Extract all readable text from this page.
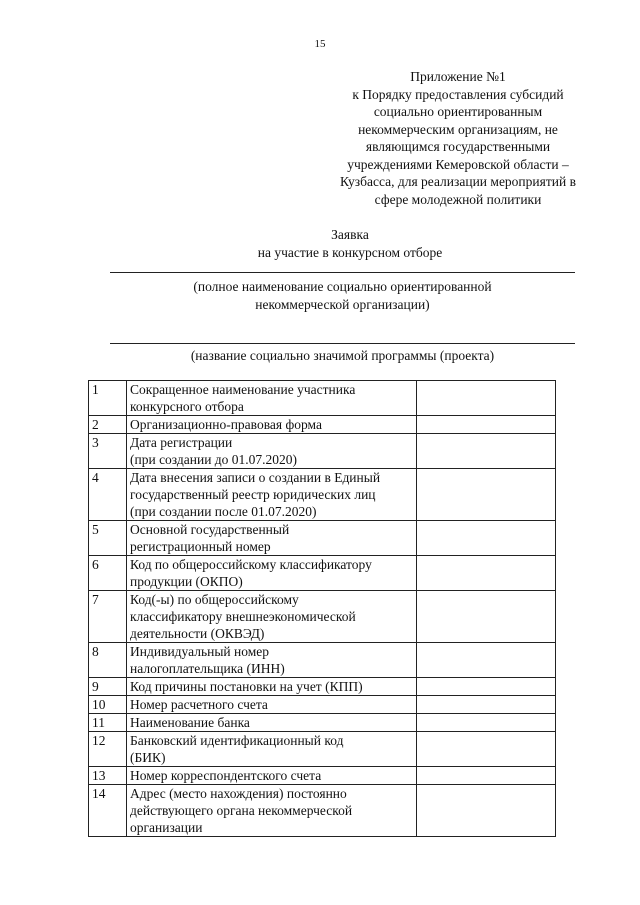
15
Приложение №1
к Порядку предоставления субсидий
социально ориентированным
некоммерческим организациям, не
являющимся государственными
учреждениями Кемеровской области –
Кузбасса, для реализации мероприятий в
сфере молодежной политики
Заявка
на участие в конкурсном отборе
(полное наименование социально ориентированной
некоммерческой организации)
(название социально значимой программы (проекта)
1	Сокращенное наименование участника
конкурсного отбора	

2	Организационно-правовая форма	

3	Дата регистрации
(при создании до 01.07.2020)	

4	Дата внесения записи о создании в Единый
государственный реестр юридических лиц
(при создании после 01.07.2020)	

5	Основной государственный
регистрационный номер	

6	Код по общероссийскому классификатору
продукции (ОКПО)	

7	Код(-ы) по общероссийскому
классификатору внешнеэкономической
деятельности (ОКВЭД)	

8	Индивидуальный номер
налогоплательщика (ИНН)	

9	Код причины постановки на учет (КПП)	

10	Номер расчетного счета	

11	Наименование банка	

12	Банковский идентификационный код
(БИК)	

13	Номер корреспондентского счета	

14	Адрес (место нахождения) постоянно
действующего органа некоммерческой
организации	
